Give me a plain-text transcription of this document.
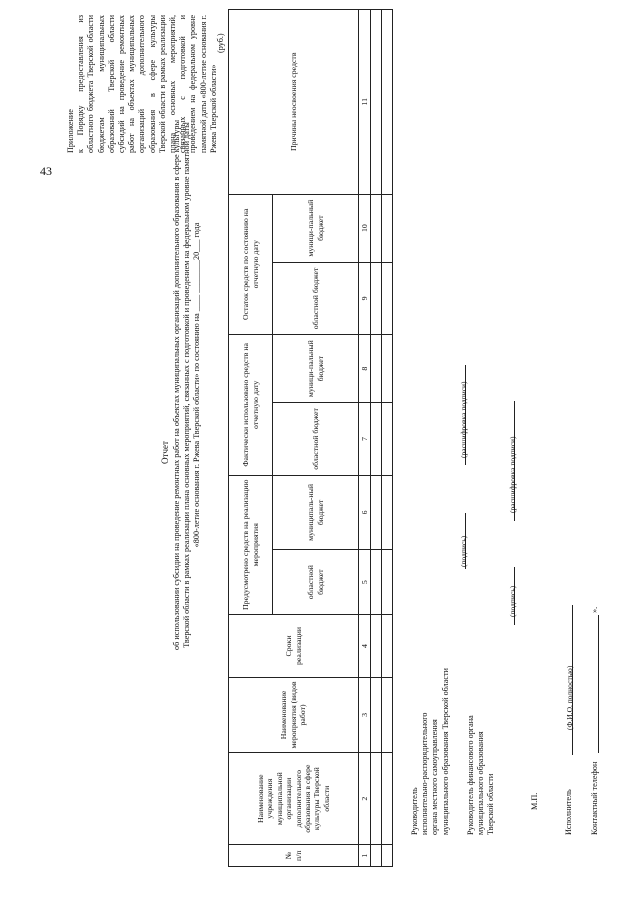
43
Приложение к Порядку предоставления из областного бюджета Тверской области бюджетам муниципальных образований Тверской области субсидий на проведение ремонтных работ на объектах муниципальных организаций дополнительного образования в сфере культуры Тверской области в рамках реализации плана основных мероприятий, связанных с подготовкой и проведением на федеральном уровне памятной даты «800-летие основания г. Ржева Тверской области»
Отчет об использовании субсидии на проведение ремонтных работ на объектах муниципальных организаций дополнительного образования в сфере культуры Тверской области в рамках реализации плана основных мероприятий, связанных с подготовкой и проведением на федеральном уровне памятной даты «800-летие основания г. Ржева Тверской области» по состоянию на ____ ________20___ года
(руб.)
№ п/п	Наименование учреждения муниципальной организации дополнительного образования в сфере культуры Тверской области	Наименование мероприятия (видов работ)	Сроки реализации	Предусмотрено средств на реализацию мероприятия		Фактически использовано средств на отчетную дату		Остаток средств по состоянию на отчетную дату		Причины неосвоения средств
				областной бюджет	муниципаль-ный бюджет	областной бюджет	муници-пальный бюджет	областной бюджет	муници-пальный бюджет	
1	2	3	4	5	6	7	8	9	10	11

Руководитель исполнительно-распорядительного органа местного самоуправления муниципального образования Тверской области
(подпись)
(расшифровка подписи)
Руководитель финансового органа муниципального образования Тверской области
(подпись)
(расшифровка подписи)
М.П.	Исполнитель
(Ф.И.О. полностью)
Контактный телефон
».
